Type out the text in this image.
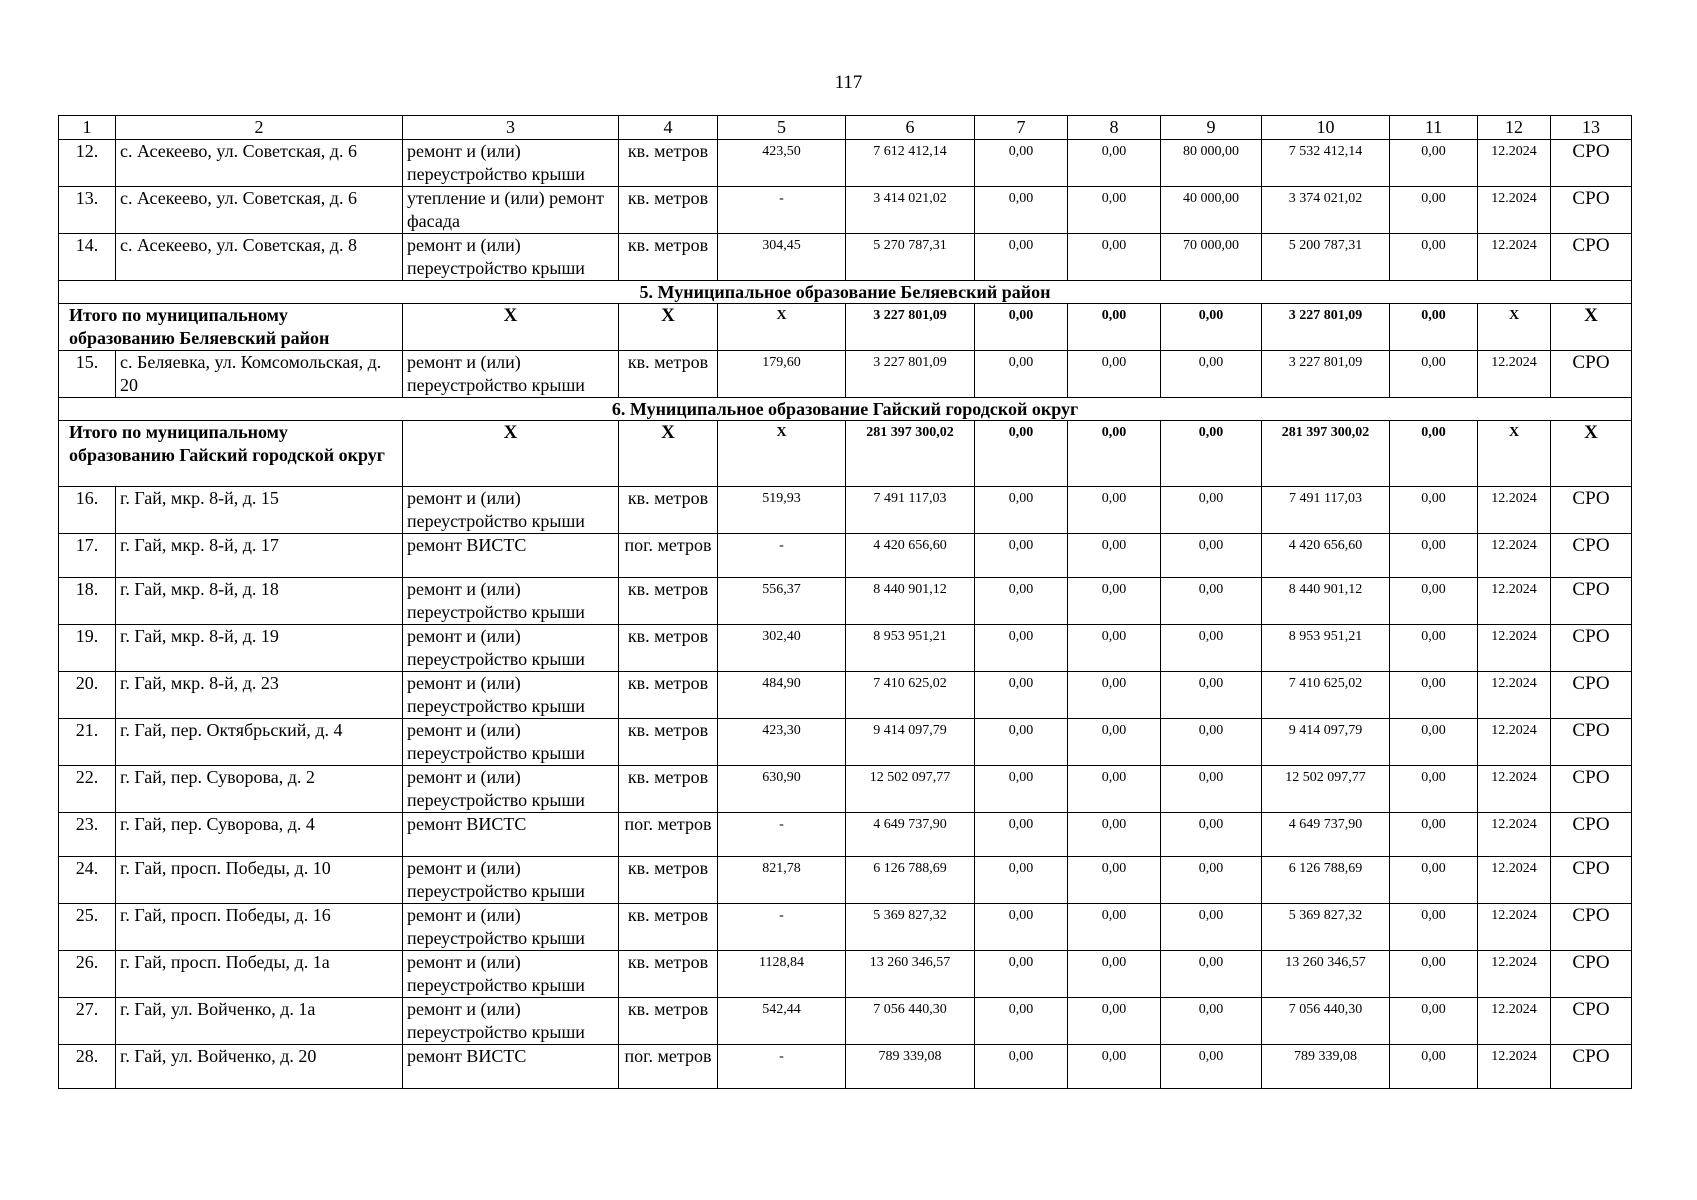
117
1	2	3	4	5	6	7	8	9	10	11	12	13
12.	с. Асекеево, ул. Советская, д. 6	ремонт и (или) переустройство крыши	кв. метров	423,50	7 612 412,14	0,00	0,00	80 000,00	7 532 412,14	0,00	12.2024	СРО
13.	с. Асекеево, ул. Советская, д. 6	утепление и (или) ремонт фасада	кв. метров	-	3 414 021,02	0,00	0,00	40 000,00	3 374 021,02	0,00	12.2024	СРО
14.	с. Асекеево, ул. Советская, д. 8	ремонт и (или) переустройство крыши	кв. метров	304,45	5 270 787,31	0,00	0,00	70 000,00	5 200 787,31	0,00	12.2024	СРО
5. Муниципальное образование Беляевский район												
Итого по муниципальному образованию Беляевский район		X	X	X	3 227 801,09	0,00	0,00	0,00	3 227 801,09	0,00	X	X
15.	с. Беляевка, ул. Комсомольская, д. 20	ремонт и (или) переустройство крыши	кв. метров	179,60	3 227 801,09	0,00	0,00	0,00	3 227 801,09	0,00	12.2024	СРО
6. Муниципальное образование Гайский городской округ												
Итого по муниципальному образованию Гайский городской округ		X	X	X	281 397 300,02	0,00	0,00	0,00	281 397 300,02	0,00	X	X
16.	г. Гай, мкр. 8-й, д. 15	ремонт и (или) переустройство крыши	кв. метров	519,93	7 491 117,03	0,00	0,00	0,00	7 491 117,03	0,00	12.2024	СРО
17.	г. Гай, мкр. 8-й, д. 17	ремонт ВИСТС	пог. метров	-	4 420 656,60	0,00	0,00	0,00	4 420 656,60	0,00	12.2024	СРО
18.	г. Гай, мкр. 8-й, д. 18	ремонт и (или) переустройство крыши	кв. метров	556,37	8 440 901,12	0,00	0,00	0,00	8 440 901,12	0,00	12.2024	СРО
19.	г. Гай, мкр. 8-й, д. 19	ремонт и (или) переустройство крыши	кв. метров	302,40	8 953 951,21	0,00	0,00	0,00	8 953 951,21	0,00	12.2024	СРО
20.	г. Гай, мкр. 8-й, д. 23	ремонт и (или) переустройство крыши	кв. метров	484,90	7 410 625,02	0,00	0,00	0,00	7 410 625,02	0,00	12.2024	СРО
21.	г. Гай, пер. Октябрьский, д. 4	ремонт и (или) переустройство крыши	кв. метров	423,30	9 414 097,79	0,00	0,00	0,00	9 414 097,79	0,00	12.2024	СРО
22.	г. Гай, пер. Суворова, д. 2	ремонт и (или) переустройство крыши	кв. метров	630,90	12 502 097,77	0,00	0,00	0,00	12 502 097,77	0,00	12.2024	СРО
23.	г. Гай, пер. Суворова, д. 4	ремонт ВИСТС	пог. метров	-	4 649 737,90	0,00	0,00	0,00	4 649 737,90	0,00	12.2024	СРО
24.	г. Гай, просп. Победы, д. 10	ремонт и (или) переустройство крыши	кв. метров	821,78	6 126 788,69	0,00	0,00	0,00	6 126 788,69	0,00	12.2024	СРО
25.	г. Гай, просп. Победы, д. 16	ремонт и (или) переустройство крыши	кв. метров	-	5 369 827,32	0,00	0,00	0,00	5 369 827,32	0,00	12.2024	СРО
26.	г. Гай, просп. Победы, д. 1а	ремонт и (или) переустройство крыши	кв. метров	1128,84	13 260 346,57	0,00	0,00	0,00	13 260 346,57	0,00	12.2024	СРО
27.	г. Гай, ул. Войченко, д. 1а	ремонт и (или) переустройство крыши	кв. метров	542,44	7 056 440,30	0,00	0,00	0,00	7 056 440,30	0,00	12.2024	СРО
28.	г. Гай, ул. Войченко, д. 20	ремонт ВИСТС	пог. метров	-	789 339,08	0,00	0,00	0,00	789 339,08	0,00	12.2024	СРО
